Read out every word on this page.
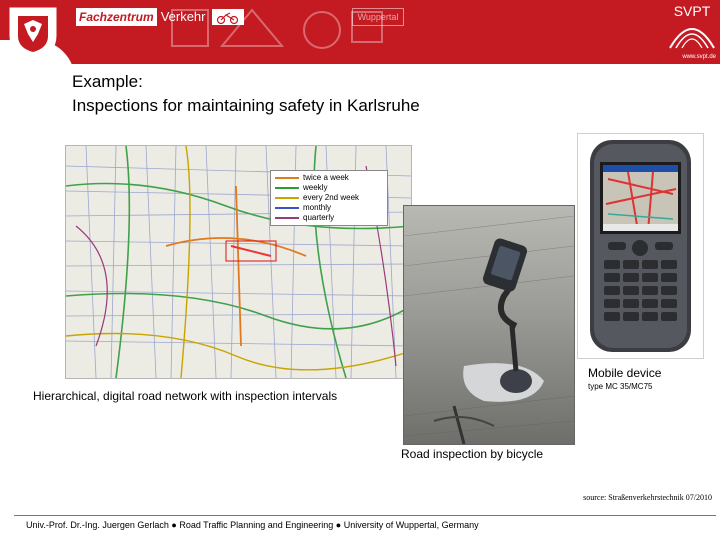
Fachzentrum Verkehr	Wuppertal	SVPT
www.svpt.de
Example:
Inspections for maintaining safety in Karlsruhe
twice a week
weekly
every 2nd week
monthly
quarterly
Hierarchical, digital road network with inspection intervals
Mobile device
type MC 35/MC75
Road inspection by bicycle
source: Straßenverkehrstechnik 07/2010
Univ.-Prof. Dr.-Ing. Juergen Gerlach ● Road Traffic Planning and Engineering ● University of Wuppertal, Germany
